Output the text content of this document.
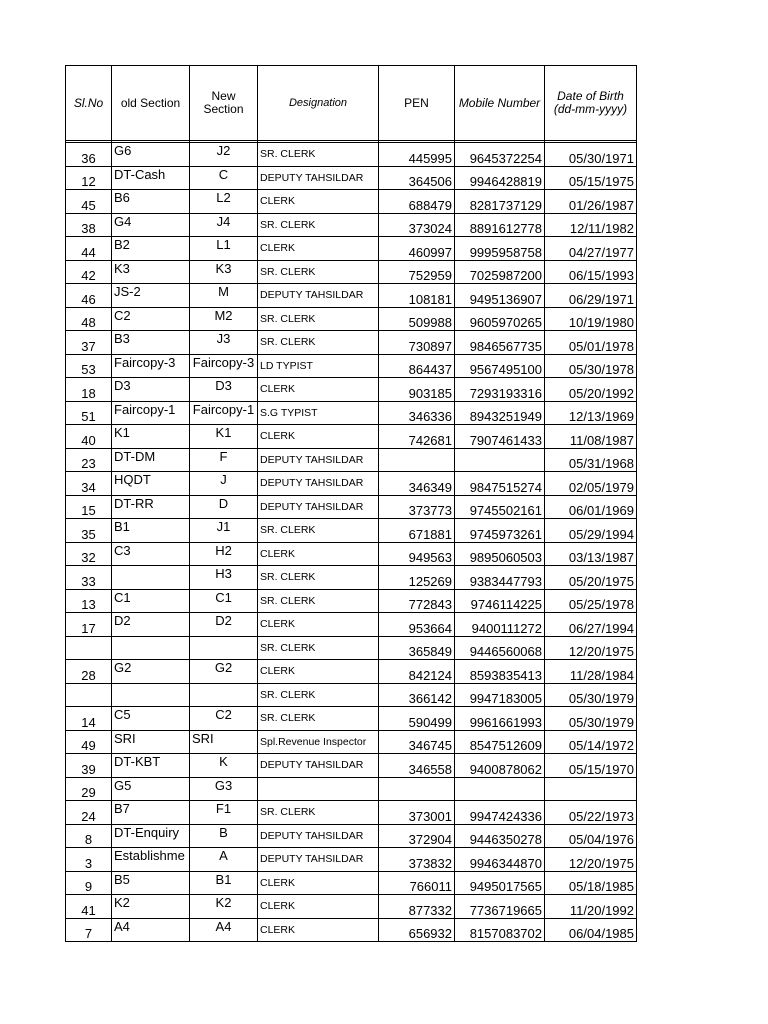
Sl.No	old Section	New Section	Designation	PEN	Mobile Number	Date of Birth (dd-mm-yyyy)

36	G6	J2	SR. CLERK	445995	9645372254	05/30/1971
12	DT-Cash	C	DEPUTY TAHSILDAR	364506	9946428819	05/15/1975
45	B6	L2	CLERK	688479	8281737129	01/26/1987
38	G4	J4	SR. CLERK	373024	8891612778	12/11/1982
44	B2	L1	CLERK	460997	9995958758	04/27/1977
42	K3	K3	SR. CLERK	752959	7025987200	06/15/1993
46	JS-2	M	DEPUTY TAHSILDAR	108181	9495136907	06/29/1971
48	C2	M2	SR. CLERK	509988	9605970265	10/19/1980
37	B3	J3	SR. CLERK	730897	9846567735	05/01/1978
53	Faircopy-3	Faircopy-3	LD TYPIST	864437	9567495100	05/30/1978
18	D3	D3	CLERK	903185	7293193316	05/20/1992
51	Faircopy-1	Faircopy-1	S.G TYPIST	346336	8943251949	12/13/1969
40	K1	K1	CLERK	742681	7907461433	11/08/1987
23	DT-DM	F	DEPUTY TAHSILDAR			05/31/1968
34	HQDT	J	DEPUTY TAHSILDAR	346349	9847515274	02/05/1979
15	DT-RR	D	DEPUTY TAHSILDAR	373773	9745502161	06/01/1969
35	B1	J1	SR. CLERK	671881	9745973261	05/29/1994
32	C3	H2	CLERK	949563	9895060503	03/13/1987
33		H3	SR. CLERK	125269	9383447793	05/20/1975
13	C1	C1	SR. CLERK	772843	9746114225	05/25/1978
17	D2	D2	CLERK	953664	9400111272	06/27/1994
			SR. CLERK	365849	9446560068	12/20/1975
28	G2	G2	CLERK	842124	8593835413	11/28/1984
			SR. CLERK	366142	9947183005	05/30/1979
14	C5	C2	SR. CLERK	590499	9961661993	05/30/1979
49	SRI	SRI	Spl.Revenue Inspector	346745	8547512609	05/14/1972
39	DT-KBT	K	DEPUTY TAHSILDAR	346558	9400878062	05/15/1970
29	G5	G3				
24	B7	F1	SR. CLERK	373001	9947424336	05/22/1973
8	DT-Enquiry	B	DEPUTY TAHSILDAR	372904	9446350278	05/04/1976
3	Establishme	A	DEPUTY TAHSILDAR	373832	9946344870	12/20/1975
9	B5	B1	CLERK	766011	9495017565	05/18/1985
41	K2	K2	CLERK	877332	7736719665	11/20/1992
7	A4	A4	CLERK	656932	8157083702	06/04/1985
